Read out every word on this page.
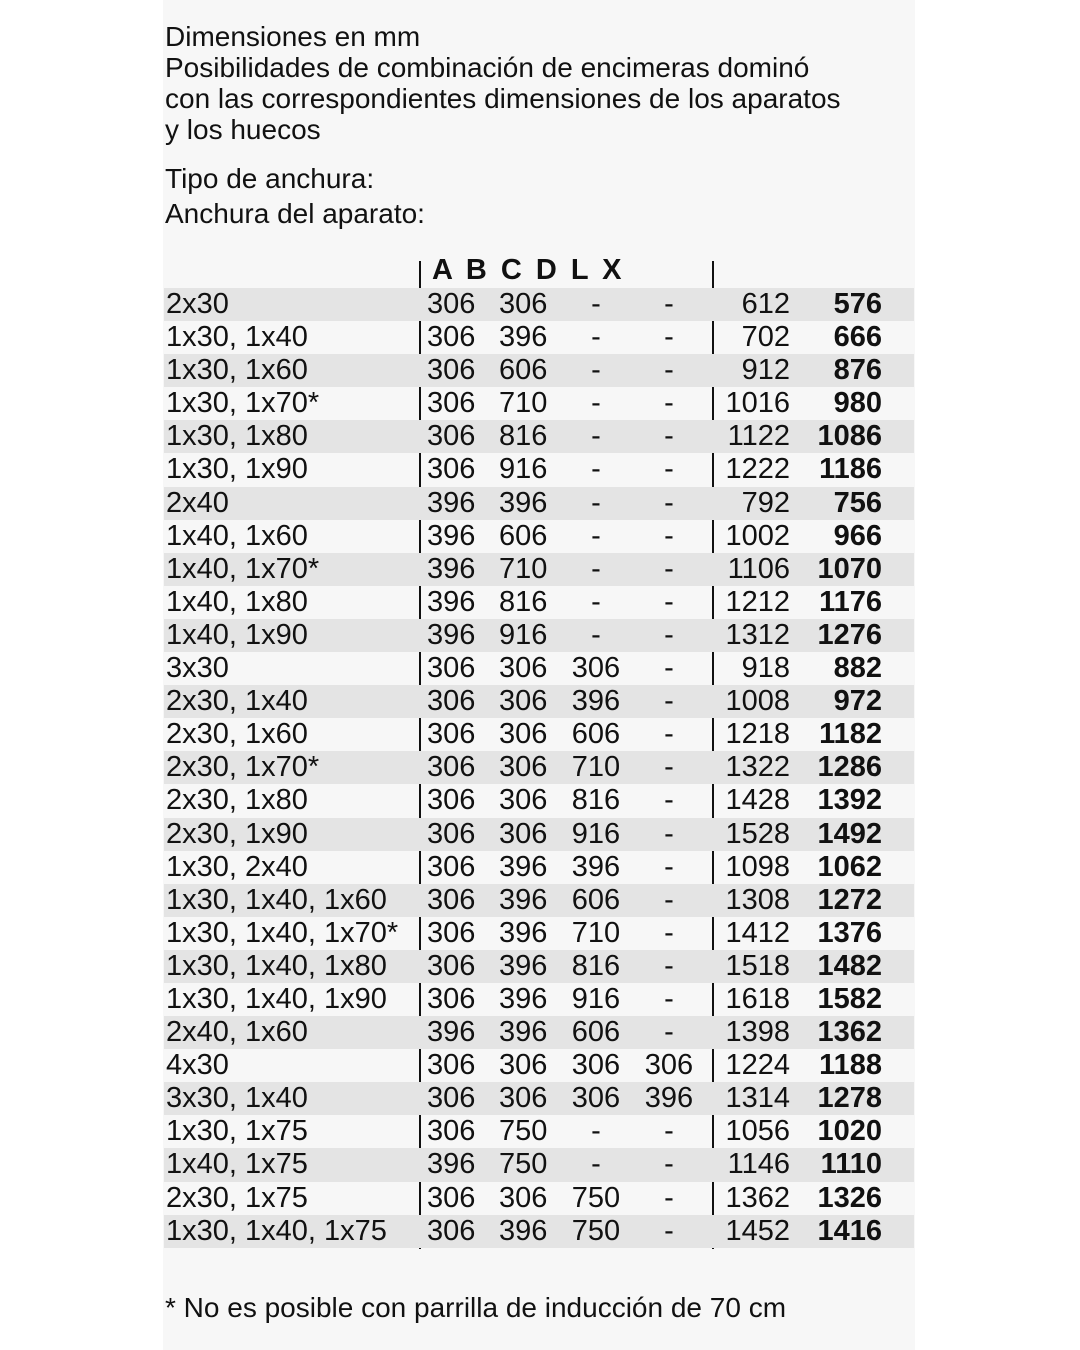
Dimensiones en mm
Posibilidades de combinación de encimeras dominó
con las correspondientes dimensiones de los aparatos
y los huecos
Tipo de anchura:
Anchura del aparato:
A B C D L X
2x30	306 306	-	-	612 576
1x30, 1x40	306 396	-	-	702 666
1x30, 1x60	306 606	-	-	912 876
1x30, 1x70*	306 710	-	-	1016 980
1x30, 1x80	306 816	-	-	1122 1086
1x30, 1x90	306 916	-	-	1222 1186
2x40	396 396	-	-	792 756
1x40, 1x60	396 606	-	-	1002 966
1x40, 1x70*	396 710	-	-	1106 1070
1x40, 1x80	396 816	-	-	1212 1176
1x40, 1x90	396 916	-	-	1312 1276
3x30	306 306 306	-	918 882
2x30, 1x40	306 306 396	-	1008 972
2x30, 1x60	306 306 606	-	1218 1182
2x30, 1x70*	306 306 710	-	1322 1286
2x30, 1x80	306 306 816	-	1428 1392
2x30, 1x90	306 306 916	-	1528 1492
1x30, 2x40	306 396 396	-	1098 1062
1x30, 1x40, 1x60 306 396 606	-	1308 1272
1x30, 1x40, 1x70* 306 396 710	-	1412 1376
1x30, 1x40, 1x80 306 396 816	-	1518 1482
1x30, 1x40, 1x90 306 396 916	-	1618 1582
2x40, 1x60	396 396 606	-	1398 1362
4x30	306 306 306 306 1224 1188
3x30, 1x40	306 306 306 396 1314 1278
1x30, 1x75	306 750	-	-	1056 1020
1x40, 1x75	396 750	-	-	1146 1110
2x30, 1x75	306 306 750	-	1362 1326
1x30, 1x40, 1x75 306 396 750	-	1452 1416
* No es posible con parrilla de inducción de 70 cm
